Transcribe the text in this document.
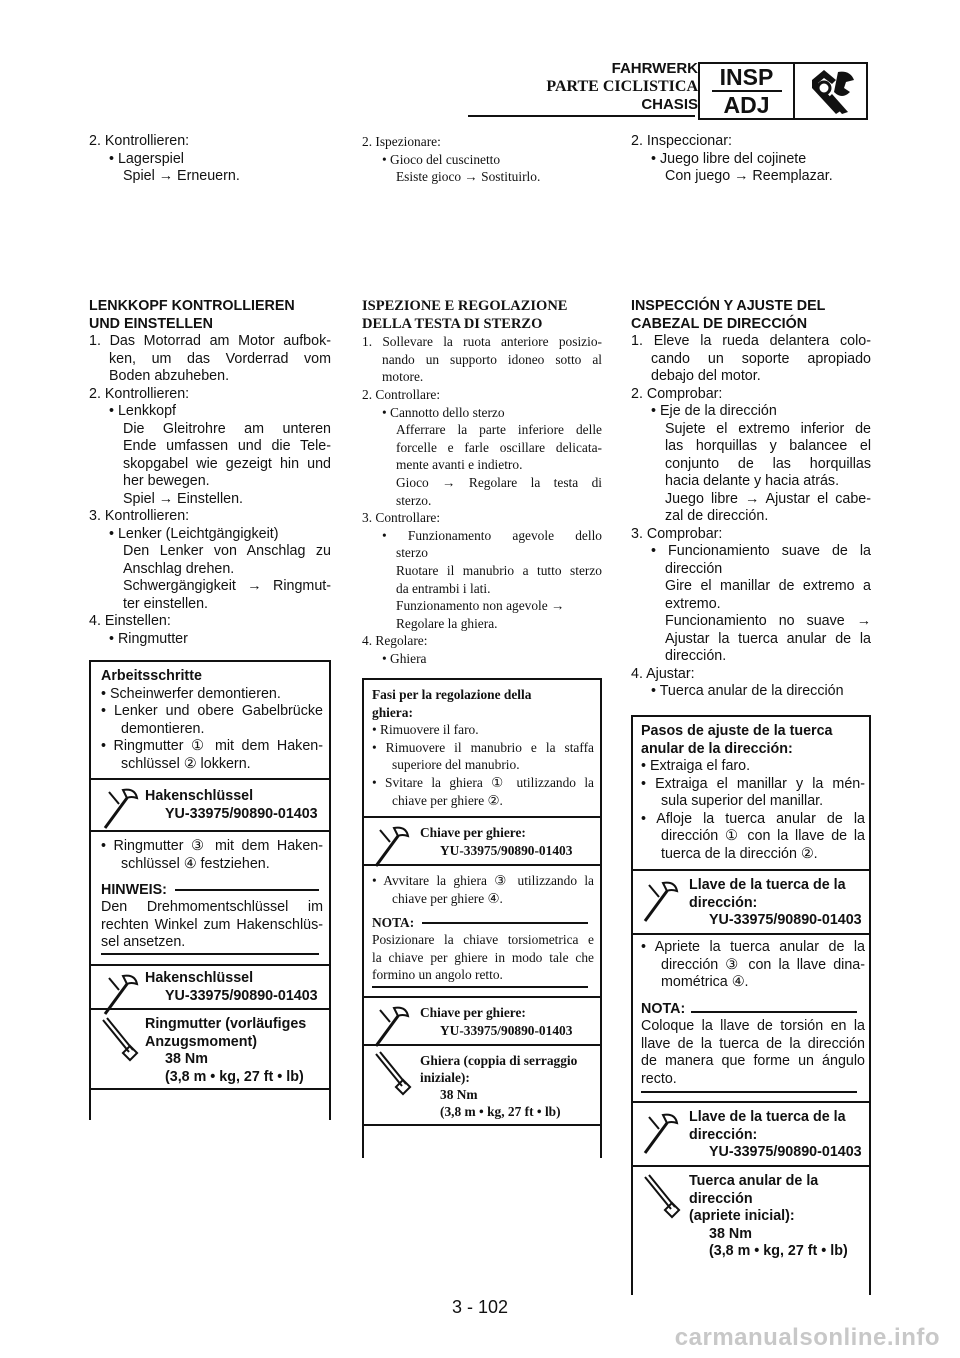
FAHRWERK
PARTE CICLISTICA
CHASIS
INSP
ADJ
2. Kontrollieren:
• Lagerspiel
Spiel → Erneuern.
LENKKOPF KONTROLLIEREN
UND EINSTELLEN
1. Das Motorrad am Motor aufbok-
ken, um das Vorderrad vom
Boden abzuheben.
2. Kontrollieren:
• Lenkkopf
Die Gleitrohre am unteren
Ende umfassen und die Tele-
skopgabel wie gezeigt hin und
her bewegen.
Spiel → Einstellen.
3. Kontrollieren:
• Lenker (Leichtgängigkeit)
Den Lenker von Anschlag zu
Anschlag drehen.
Schwergängigkeit → Ringmut-
ter einstellen.
4. Einstellen:
• Ringmutter
Arbeitsschritte
• Scheinwerfer demontieren.
• Lenker und obere Gabelbrücke
demontieren.
• Ringmutter ① mit dem Haken-
schlüssel ② lokkern.
Hakenschlüssel
YU-33975/90890-01403
• Ringmutter ③ mit dem Haken-
schlüssel ④ festziehen.
HINWEIS:
Den Drehmomentschlüssel im
rechten Winkel zum Hakenschlüs-
sel ansetzen.
Hakenschlüssel
YU-33975/90890-01403
Ringmutter (vorläufiges
Anzugsmoment)
38 Nm
(3,8 m • kg, 27 ft • lb)
2. Ispezionare:
• Gioco del cuscinetto
Esiste gioco → Sostituirlo.
ISPEZIONE E REGOLAZIONE
DELLA TESTA DI STERZO
1. Sollevare la ruota anteriore posizio-
nando un supporto idoneo sotto al
motore.
2. Controllare:
• Cannotto dello sterzo
Afferrare la parte inferiore delle
forcelle e farle oscillare delicata-
mente avanti e indietro.
Gioco → Regolare la testa di
sterzo.
3. Controllare:
• Funzionamento agevole dello
sterzo
Ruotare il manubrio a tutto sterzo
da entrambi i lati.
Funzionamento non agevole →
Regolare la ghiera.
4. Regolare:
• Ghiera
Fasi per la regolazione della
ghiera:
• Rimuovere il faro.
• Rimuovere il manubrio e la staffa
superiore del manubrio.
• Svitare la ghiera ① utilizzando la
chiave per ghiere ②.
Chiave per ghiere:
YU-33975/90890-01403
• Avvitare la ghiera ③ utilizzando la
chiave per ghiere ④.
NOTA:
Posizionare la chiave torsiometrica e
la chiave per ghiere in modo tale che
formino un angolo retto.
Chiave per ghiere:
YU-33975/90890-01403
Ghiera (coppia di serraggio
iniziale):
38 Nm
(3,8 m • kg, 27 ft • lb)
2. Inspeccionar:
• Juego libre del cojinete
Con juego → Reemplazar.
INSPECCIÓN Y AJUSTE DEL
CABEZAL DE DIRECCIÓN
1. Eleve la rueda delantera colo-
cando un soporte apropiado
debajo del motor.
2. Comprobar:
• Eje de la dirección
Sujete el extremo inferior de
las horquillas y balancee el
conjunto de las horquillas
hacia delante y hacia atrás.
Juego libre → Ajustar el cabe-
zal de dirección.
3. Comprobar:
• Funcionamiento suave de la
dirección
Gire el manillar de extremo a
extremo.
Funcionamiento no suave →
Ajustar la tuerca anular de la
dirección.
4. Ajustar:
• Tuerca anular de la dirección
Pasos de ajuste de la tuerca
anular de la dirección:
• Extraiga el faro.
• Extraiga el manillar y la mén-
sula superior del manillar.
• Afloje la tuerca anular de la
dirección ① con la llave de la
tuerca de la dirección ②.
Llave de la tuerca de la
dirección:
YU-33975/90890-01403
• Apriete la tuerca anular de la
dirección ③ con la llave dina-
mométrica ④.
NOTA:
Coloque la llave de torsión en la
llave de la tuerca de la dirección
de manera que forme un ángulo
recto.
Llave de la tuerca de la
dirección:
YU-33975/90890-01403
Tuerca anular de la
dirección
(apriete inicial):
38 Nm
(3,8 m • kg, 27 ft • lb)
3 - 102
carmanualsonline.info
